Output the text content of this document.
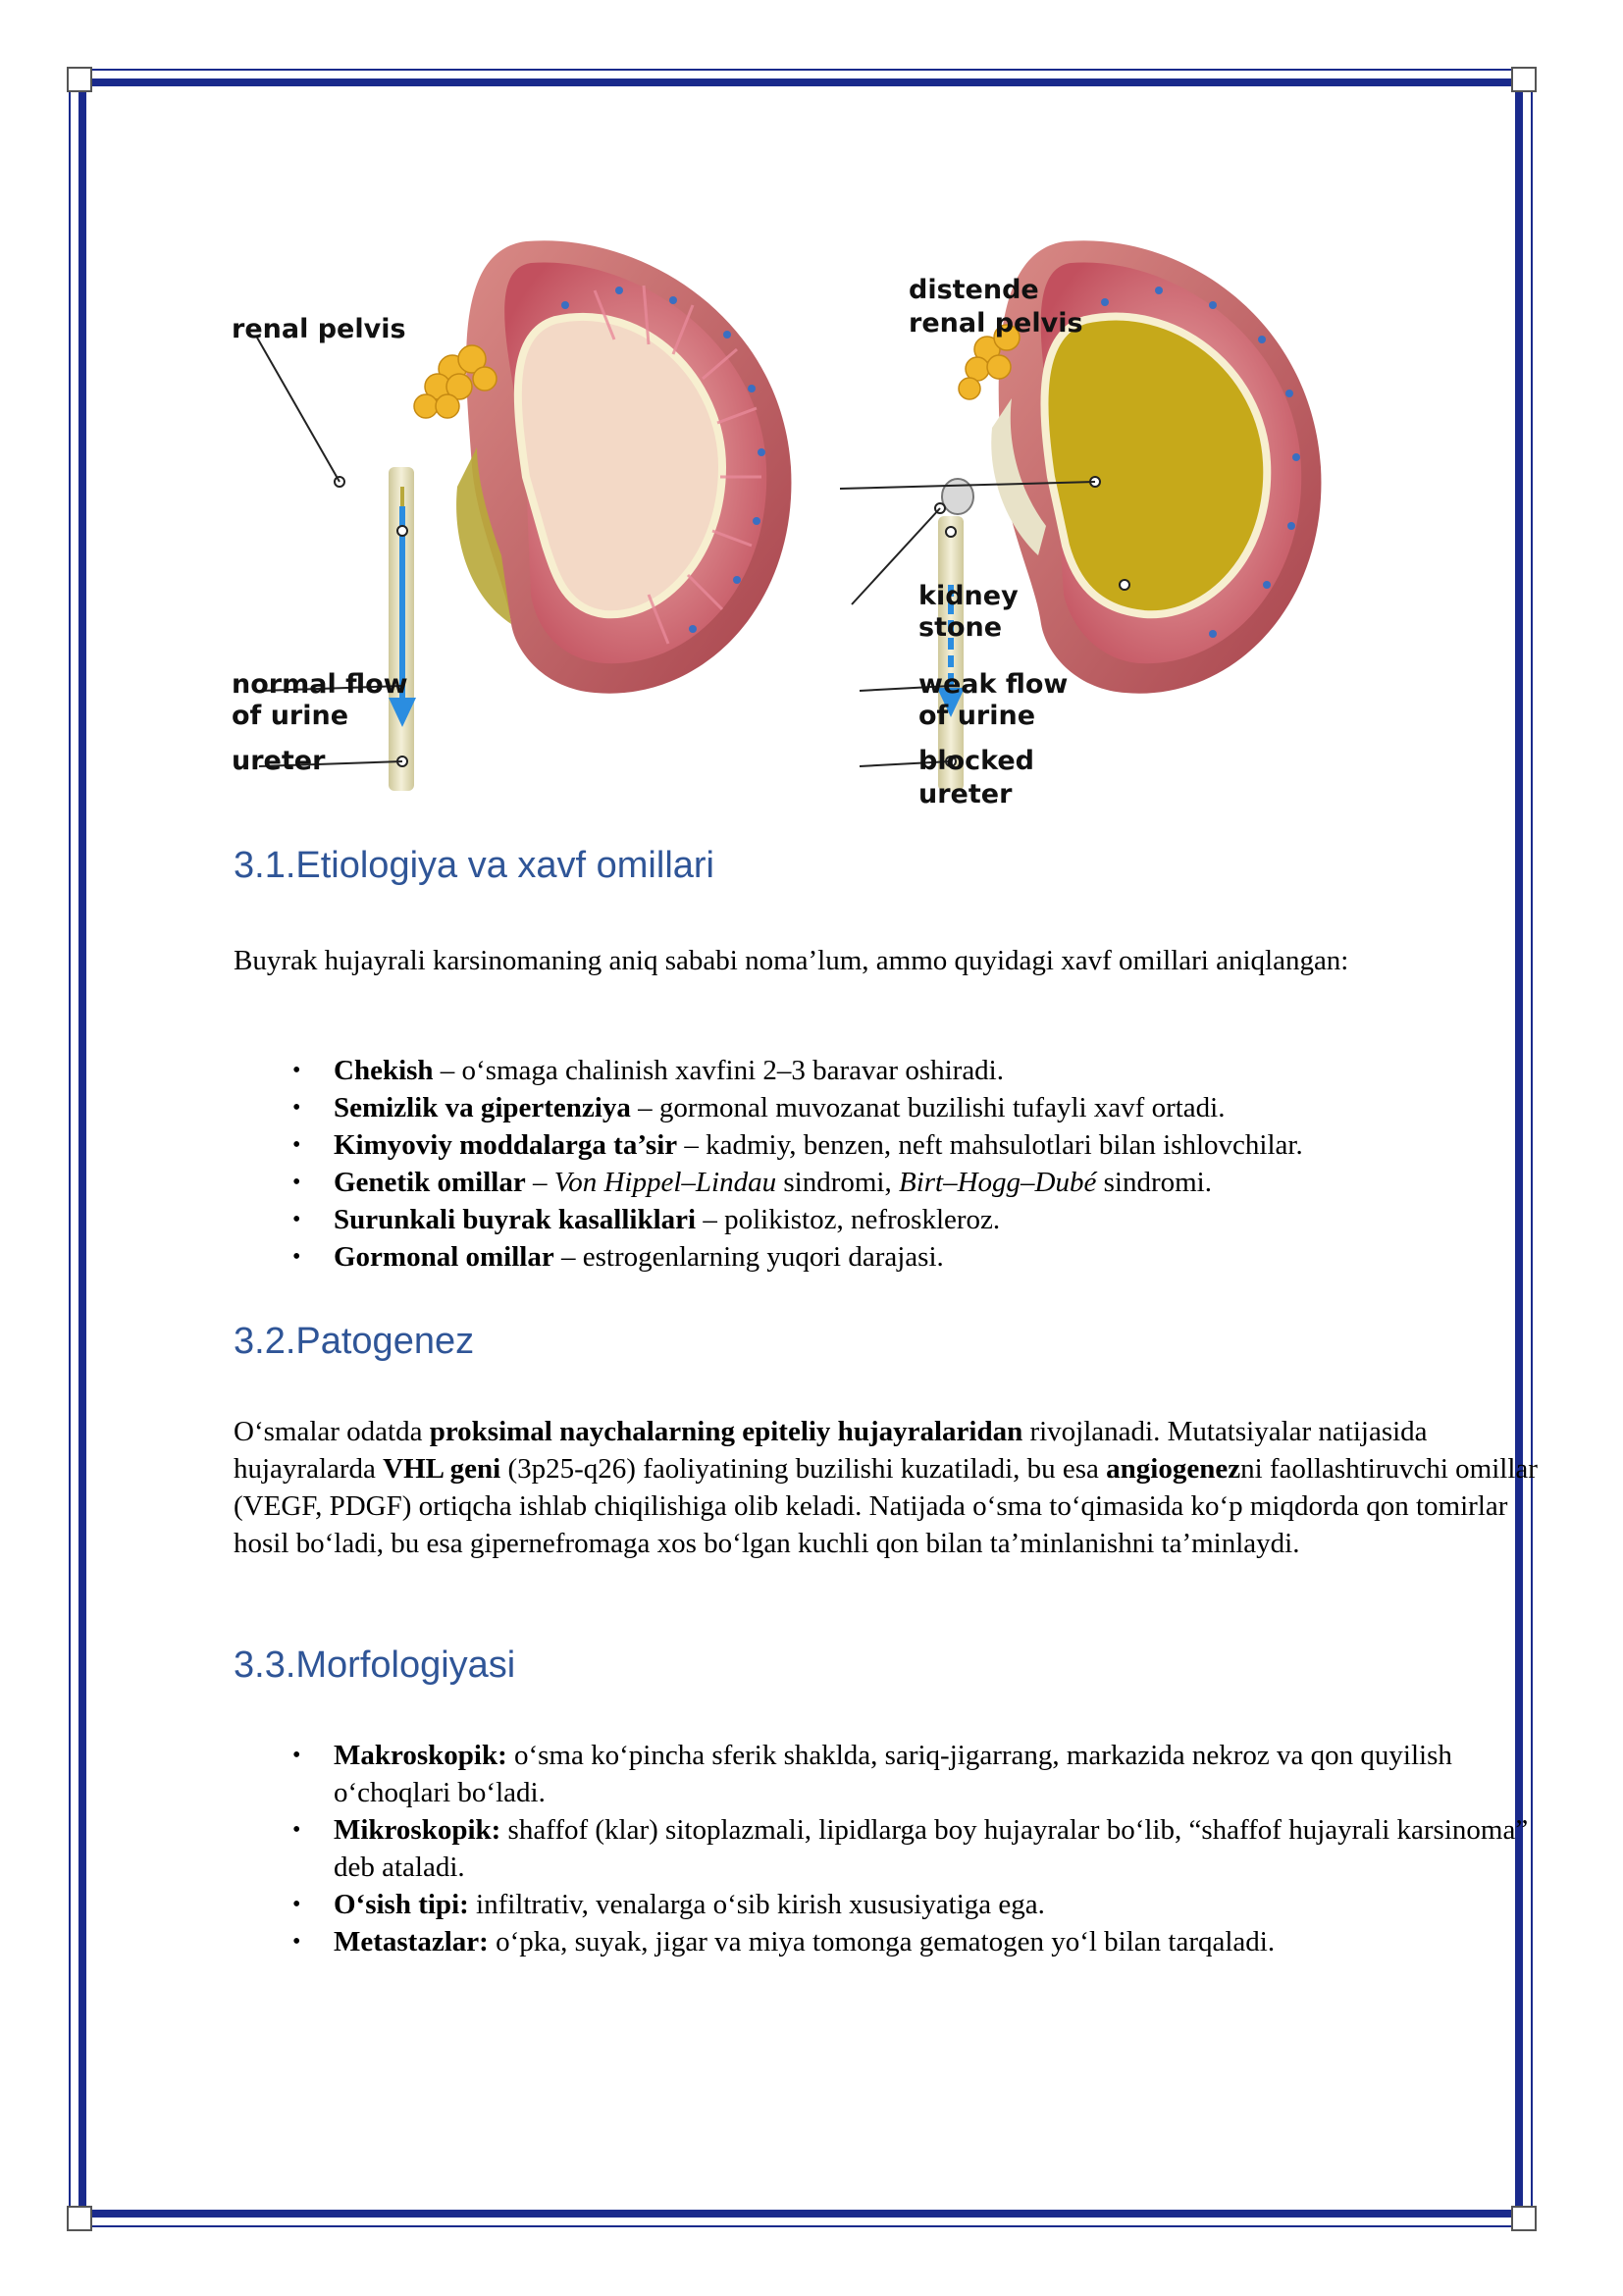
renal pelvis
normal flow
of urine
ureter
distende
renal pelvis
kidney
stone
weak flow
of urine
blocked
ureter
3.1.Etiologiya va xavf omillari

Buyrak hujayrali karsinomaning aniq sababi noma’lum, ammo quyidagi xavf omillari aniqlangan:

• Chekish – o‘smaga chalinish xavfini 2–3 baravar oshiradi.
• Semizlik va gipertenziya – gormonal muvozanat buzilishi tufayli xavf ortadi.
• Kimyoviy moddalarga ta’sir – kadmiy, benzen, neft mahsulotlari bilan ishlovchilar.
• Genetik omillar – Von Hippel–Lindau sindromi, Birt–Hogg–Dubé sindromi.
• Surunkali buyrak kasalliklari – polikistoz, nefroskleroz.
• Gormonal omillar – estrogenlarning yuqori darajasi.
3.2.Patogenez

O‘smalar odatda proksimal naychalarning epiteliy hujayralaridan rivojlanadi. Mutatsiyalar natijasida hujayralarda VHL geni (3p25-q26) faoliyatining buzilishi kuzatiladi, bu esa angiogenezni faollashtiruvchi omillar (VEGF, PDGF) ortiqcha ishlab chiqilishiga olib keladi. Natijada o‘sma to‘qimasida ko‘p miqdorda qon tomirlar hosil bo‘ladi, bu esa gipernefromaga xos bo‘lgan kuchli qon bilan ta’minlanishni ta’minlaydi.

3.3.Morfologiyasi
• Makroskopik: o‘sma ko‘pincha sferik shaklda, sariq-jigarrang, markazida nekroz va qon quyilish o‘choqlari bo‘ladi.
• Mikroskopik: shaffof (klar) sitoplazmali, lipidlarga boy hujayralar bo‘lib, “shaffof hujayrali karsinoma” deb ataladi.
• O‘sish tipi: infiltrativ, venalarga o‘sib kirish xususiyatiga ega.
• Metastazlar: o‘pka, suyak, jigar va miya tomonga gematogen yo‘l bilan tarqaladi.
